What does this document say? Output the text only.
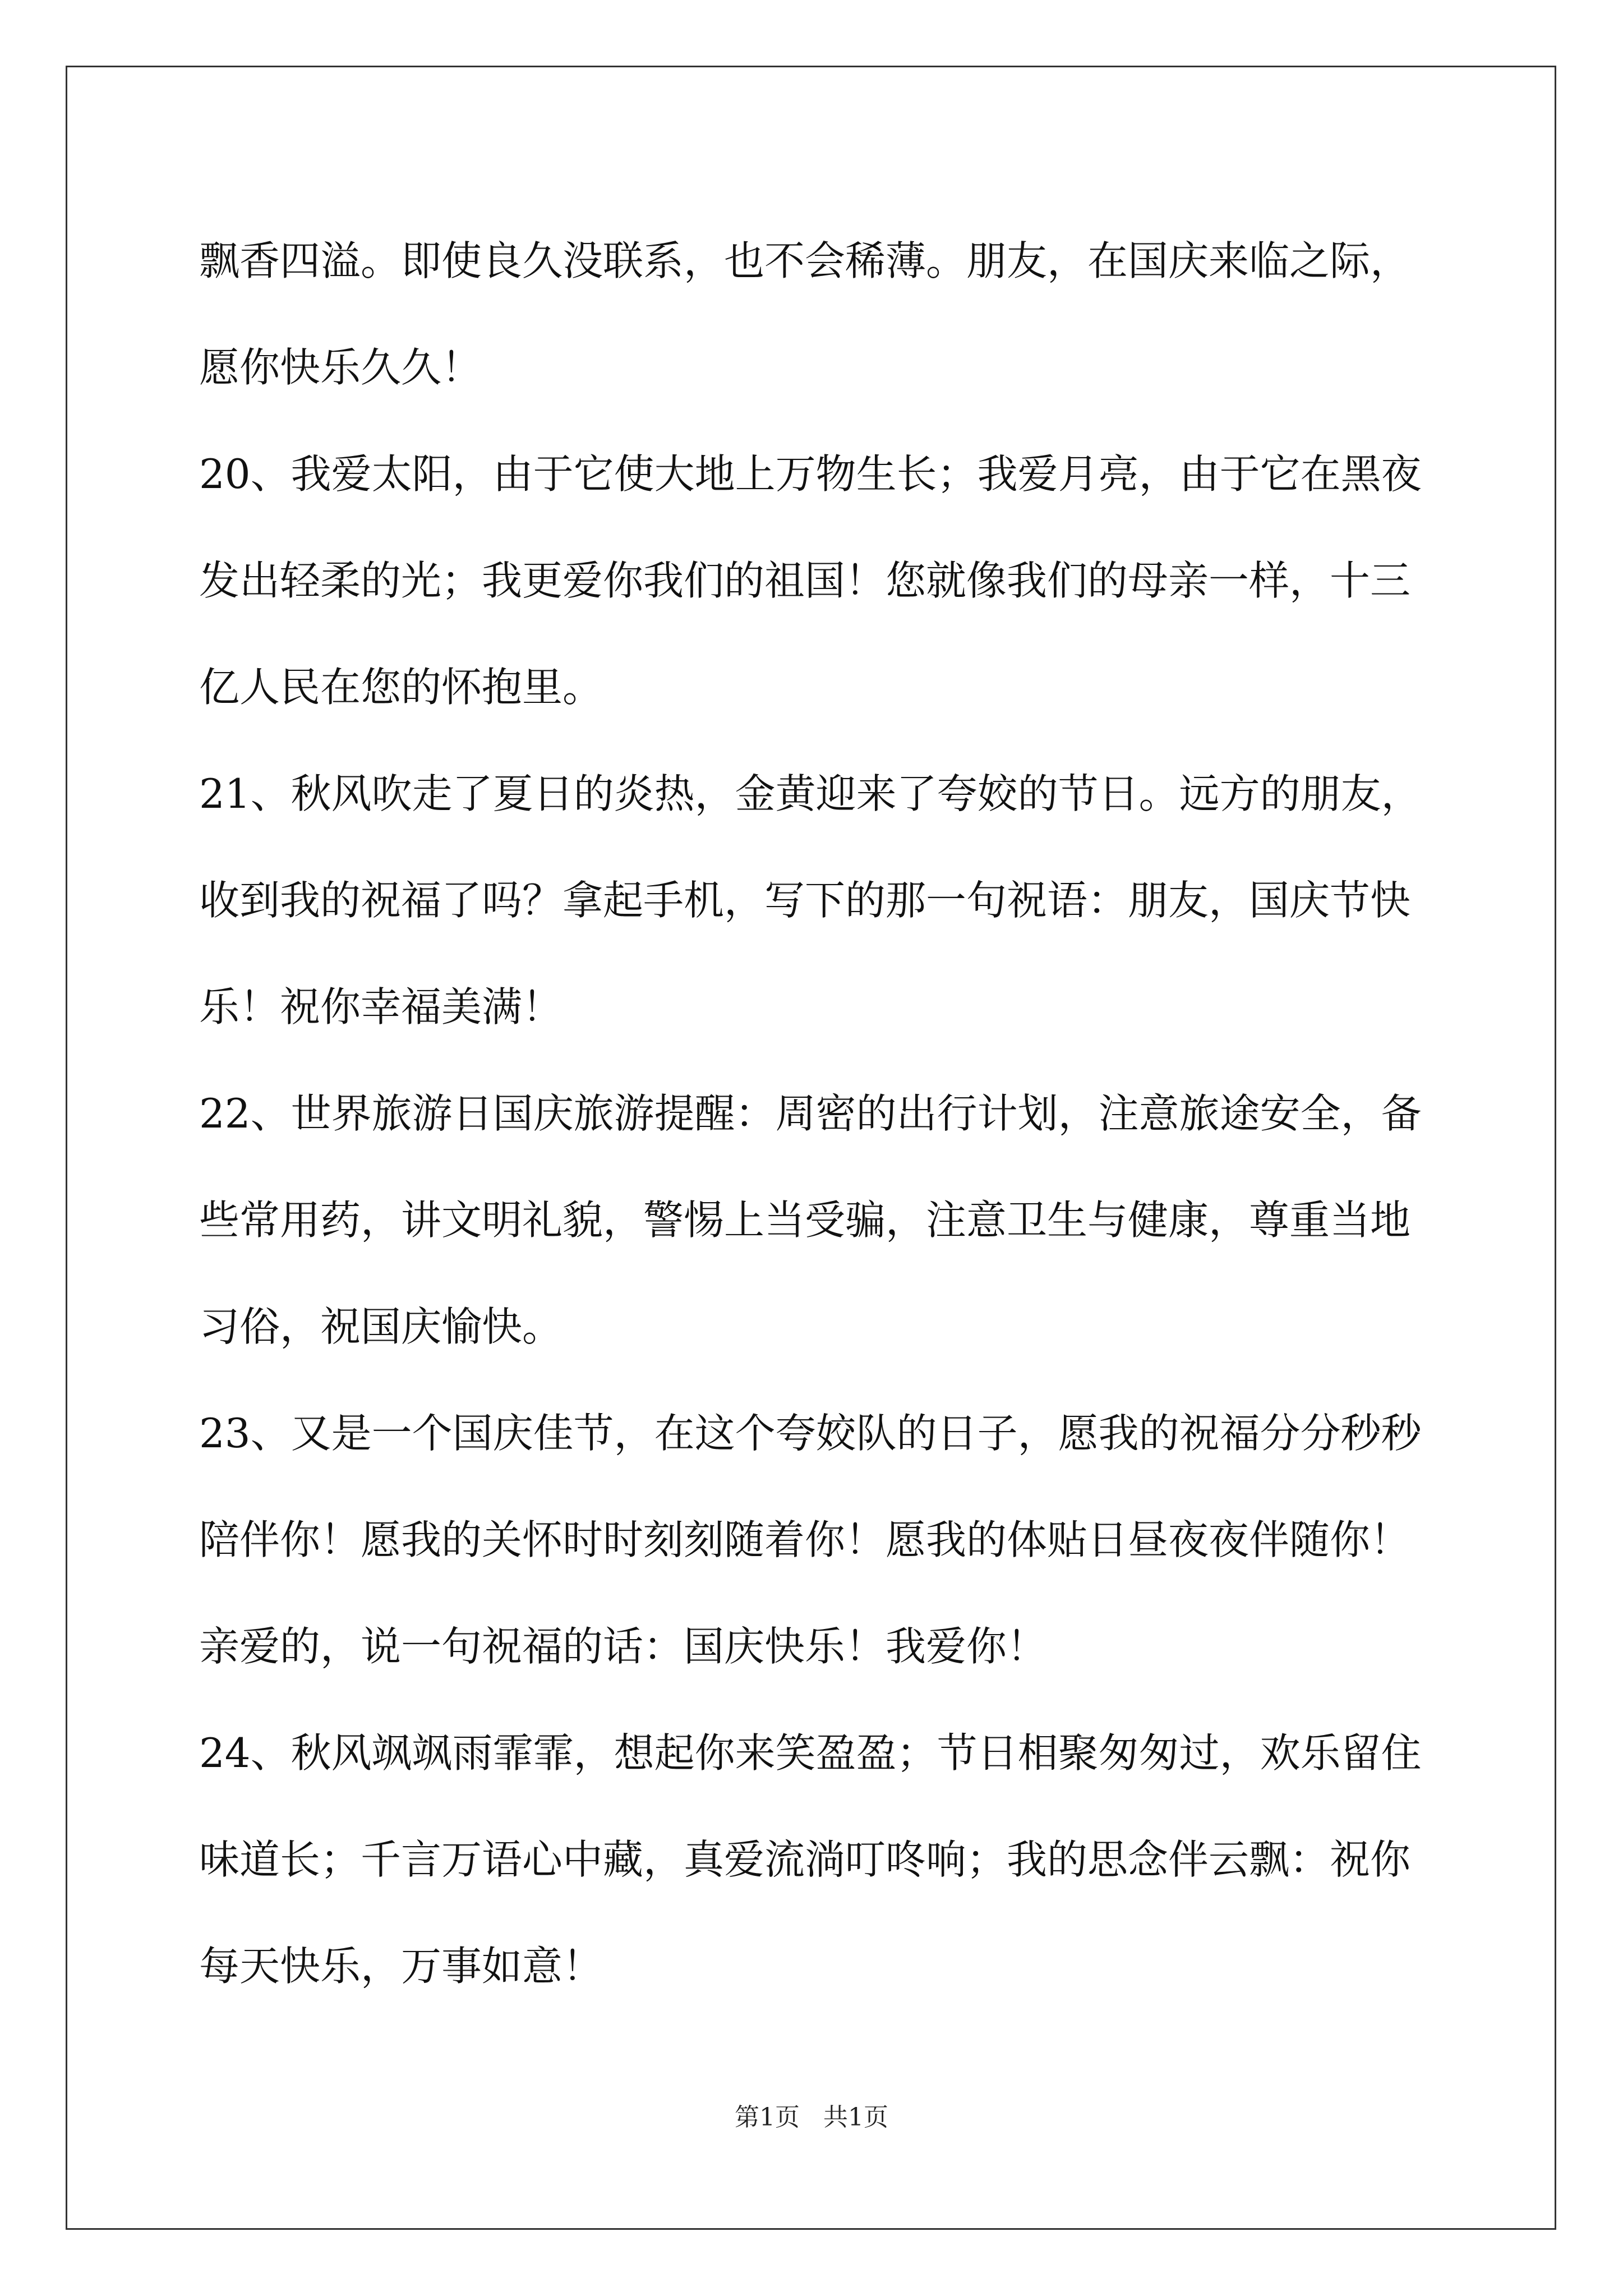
飘香四溢。即使良久没联系，也不会稀薄。朋友，在国庆来临之际，
愿你快乐久久！
20、我爱太阳，由于它使大地上万物生长；我爱月亮，由于它在黑夜
发出轻柔的光；我更爱你我们的祖国！您就像我们的母亲一样，十三
亿人民在您的怀抱里。
21、秋风吹走了夏日的炎热，金黄迎来了夸姣的节日。远方的朋友，
收到我的祝福了吗？拿起手机，写下的那一句祝语：朋友，国庆节快
乐！祝你幸福美满！
22、世界旅游日国庆旅游提醒：周密的出行计划，注意旅途安全，备
些常用药，讲文明礼貌，警惕上当受骗，注意卫生与健康，尊重当地
习俗，祝国庆愉快。
23、又是一个国庆佳节，在这个夸姣队的日子，愿我的祝福分分秒秒
陪伴你！愿我的关怀时时刻刻随着你！愿我的体贴日昼夜夜伴随你！
亲爱的，说一句祝福的话：国庆快乐！我爱你！
24、秋风飒飒雨霏霏，想起你来笑盈盈；节日相聚匆匆过，欢乐留住
味道长；千言万语心中藏，真爱流淌叮咚响；我的思念伴云飘：祝你
每天快乐，万事如意！
第1页 共1页
